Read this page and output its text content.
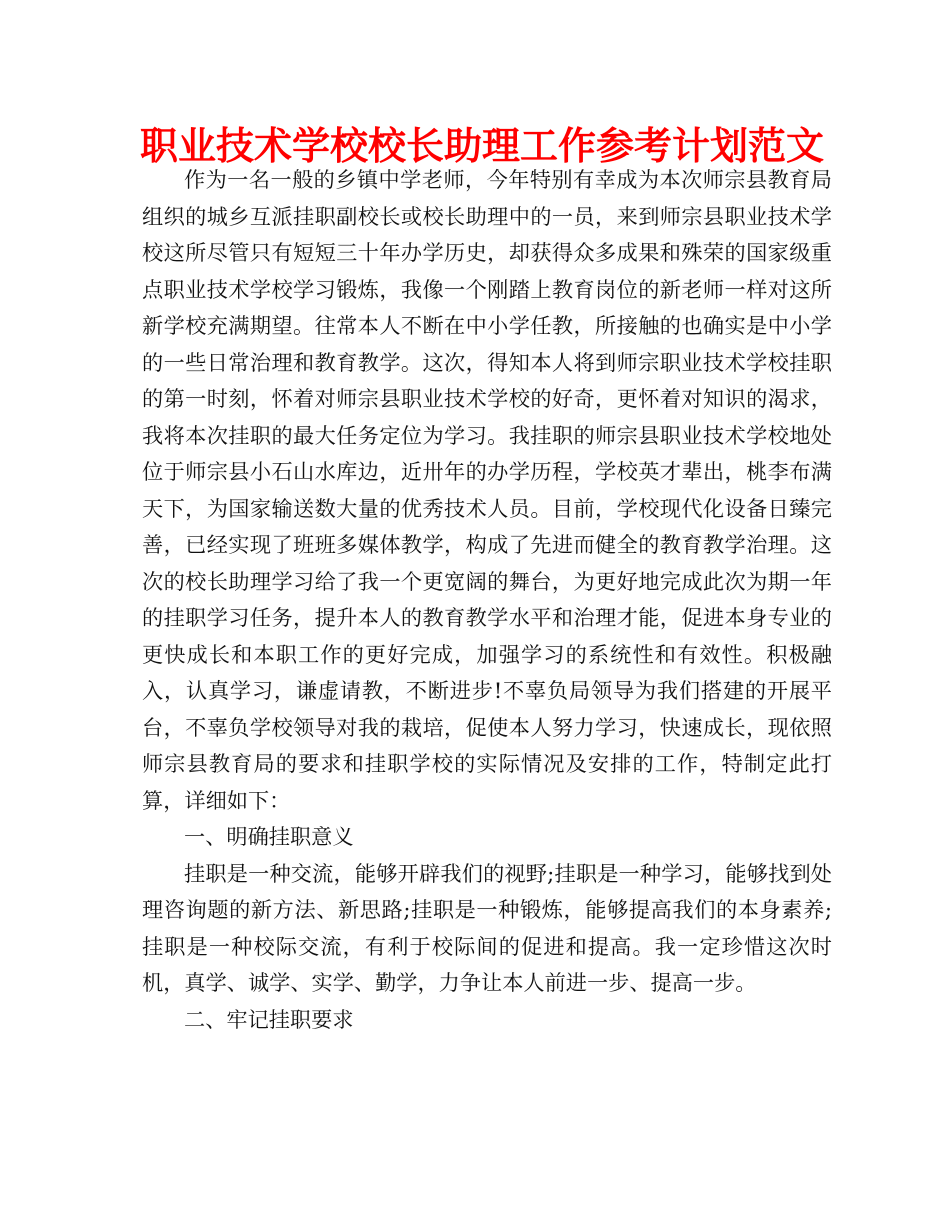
职业技术学校校长助理工作参考计划范文

作为一名一般的乡镇中学老师，今年特别有幸成为本次师宗县教育局组织的城乡互派挂职副校长或校长助理中的一员，来到师宗县职业技术学校这所尽管只有短短三十年办学历史，却获得众多成果和殊荣的国家级重点职业技术学校学习锻炼，我像一个刚踏上教育岗位的新老师一样对这所新学校充满期望。往常本人不断在中小学任教，所接触的也确实是中小学的一些日常治理和教育教学。这次，得知本人将到师宗职业技术学校挂职的第一时刻，怀着对师宗县职业技术学校的好奇，更怀着对知识的渴求，我将本次挂职的最大任务定位为学习。我挂职的师宗县职业技术学校地处位于师宗县小石山水库边，近卅年的办学历程，学校英才辈出，桃李布满天下，为国家输送数大量的优秀技术人员。目前，学校现代化设备日臻完善，已经实现了班班多媒体教学，构成了先进而健全的教育教学治理。这次的校长助理学习给了我一个更宽阔的舞台，为更好地完成此次为期一年的挂职学习任务，提升本人的教育教学水平和治理才能，促进本身专业的更快成长和本职工作的更好完成，加强学习的系统性和有效性。积极融入，认真学习，谦虚请教，不断进步!不辜负局领导为我们搭建的开展平台，不辜负学校领导对我的栽培，促使本人努力学习，快速成长，现依照师宗县教育局的要求和挂职学校的实际情况及安排的工作，特制定此打算，详细如下：

一、明确挂职意义

挂职是一种交流，能够开辟我们的视野;挂职是一种学习，能够找到处理咨询题的新方法、新思路;挂职是一种锻炼，能够提高我们的本身素养;挂职是一种校际交流，有利于校际间的促进和提高。我一定珍惜这次时机，真学、诚学、实学、勤学，力争让本人前进一步、提高一步。

二、牢记挂职要求
